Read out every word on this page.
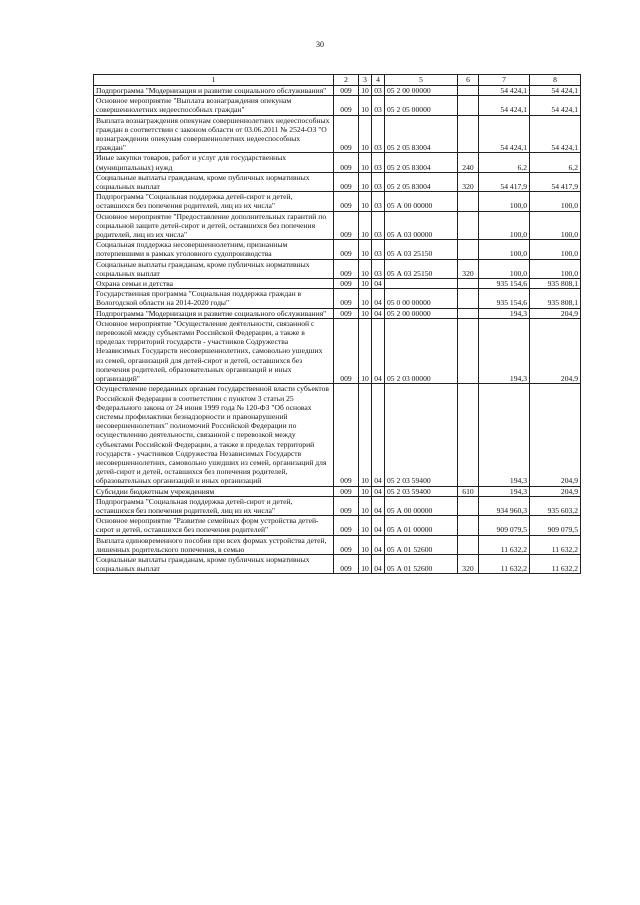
30
1	2	3	4	5	6	7	8
Подпрограмма "Модернизация и развитие социального обслуживания"	009	10	03	05 2 00 00000		54 424,1	54 424,1
Основное мероприятие "Выплата вознаграждения опекунам совершеннолетних недееспособных граждан"	009	10	03	05 2 05 00000		54 424,1	54 424,1
Выплата вознаграждения опекунам совершеннолетних недееспособных граждан в соответствии с законом области от 03.06.2011 № 2524-ОЗ "О вознаграждении опекунам совершеннолетних недееспособных граждан"	009	10	03	05 2 05 83004		54 424,1	54 424,1
Иные закупки товаров, работ и услуг для государственных (муниципальных) нужд	009	10	03	05 2 05 83004	240	6,2	6,2
Социальные выплаты гражданам, кроме публичных нормативных социальных выплат	009	10	03	05 2 05 83004	320	54 417,9	54 417,9
Подпрограмма "Социальная поддержка детей-сирот и детей, оставшихся без попечения родителей, лиц из их числа"	009	10	03	05 А 00 00000		100,0	100,0
Основное мероприятие "Предоставление дополнительных гарантий по социальной защите детей-сирот и детей, оставшихся без попечения родителей, лиц из их числа"	009	10	03	05 А 03 00000		100,0	100,0
Социальная поддержка несовершеннолетним, признанным потерпевшими в рамках уголовного судопроизводства	009	10	03	05 А 03 25150		100,0	100,0
Социальные выплаты гражданам, кроме публичных нормативных социальных выплат	009	10	03	05 А 03 25150	320	100,0	100,0
Охрана семьи и детства	009	10	04			935 154,6	935 808,1
Государственная программа "Социальная поддержка граждан в Вологодской области на 2014-2020 годы"	009	10	04	05 0 00 00000		935 154,6	935 808,1
Подпрограмма "Модернизация и развитие социального обслуживания"	009	10	04	05 2 00 00000		194,3	204,9
Основное мероприятие "Осуществление деятельности, связанной с перевозкой между субъектами Российской Федерации, а также в пределах территорий государств - участников Содружества Независимых Государств несовершеннолетних, самовольно ушедших из семей, организаций для детей-сирот и детей, оставшихся без попечения родителей, образовательных организаций и иных организаций"	009	10	04	05 2 03 00000		194,3	204,9
Осуществление переданных органам государственной власти субъектов Российской Федерации в соответствии с пунктом 3 статьи 25 Федерального закона от 24 июня 1999 года № 120-ФЗ "Об основах системы профилактики безнадзорности и правонарушений несовершеннолетних" полномочий Российской Федерации по осуществлению деятельности, связанной с перевозкой между субъектами Российской Федерации, а также в пределах территорий государств - участников Содружества Независимых Государств несовершеннолетних, самовольно ушедших из семей, организаций для детей-сирот и детей, оставшихся без попечения родителей, образовательных организаций и иных организаций	009	10	04	05 2 03 59400		194,3	204,9
Субсидии бюджетным учреждениям	009	10	04	05 2 03 59400	610	194,3	204,9
Подпрограмма "Социальная поддержка детей-сирот и детей, оставшихся без попечения родителей, лиц из их числа"	009	10	04	05 А 00 00000		934 960,3	935 603,2
Основное мероприятие "Развитие семейных форм устройства детей-сирот и детей, оставшихся без попечения родителей"	009	10	04	05 А 01 00000		909 079,5	909 079,5
Выплата единовременного пособия при всех формах устройства детей, лишенных родительского попечения, в семью	009	10	04	05 А 01 52600		11 632,2	11 632,2
Социальные выплаты гражданам, кроме публичных нормативных социальных выплат	009	10	04	05 А 01 52600	320	11 632,2	11 632,2
